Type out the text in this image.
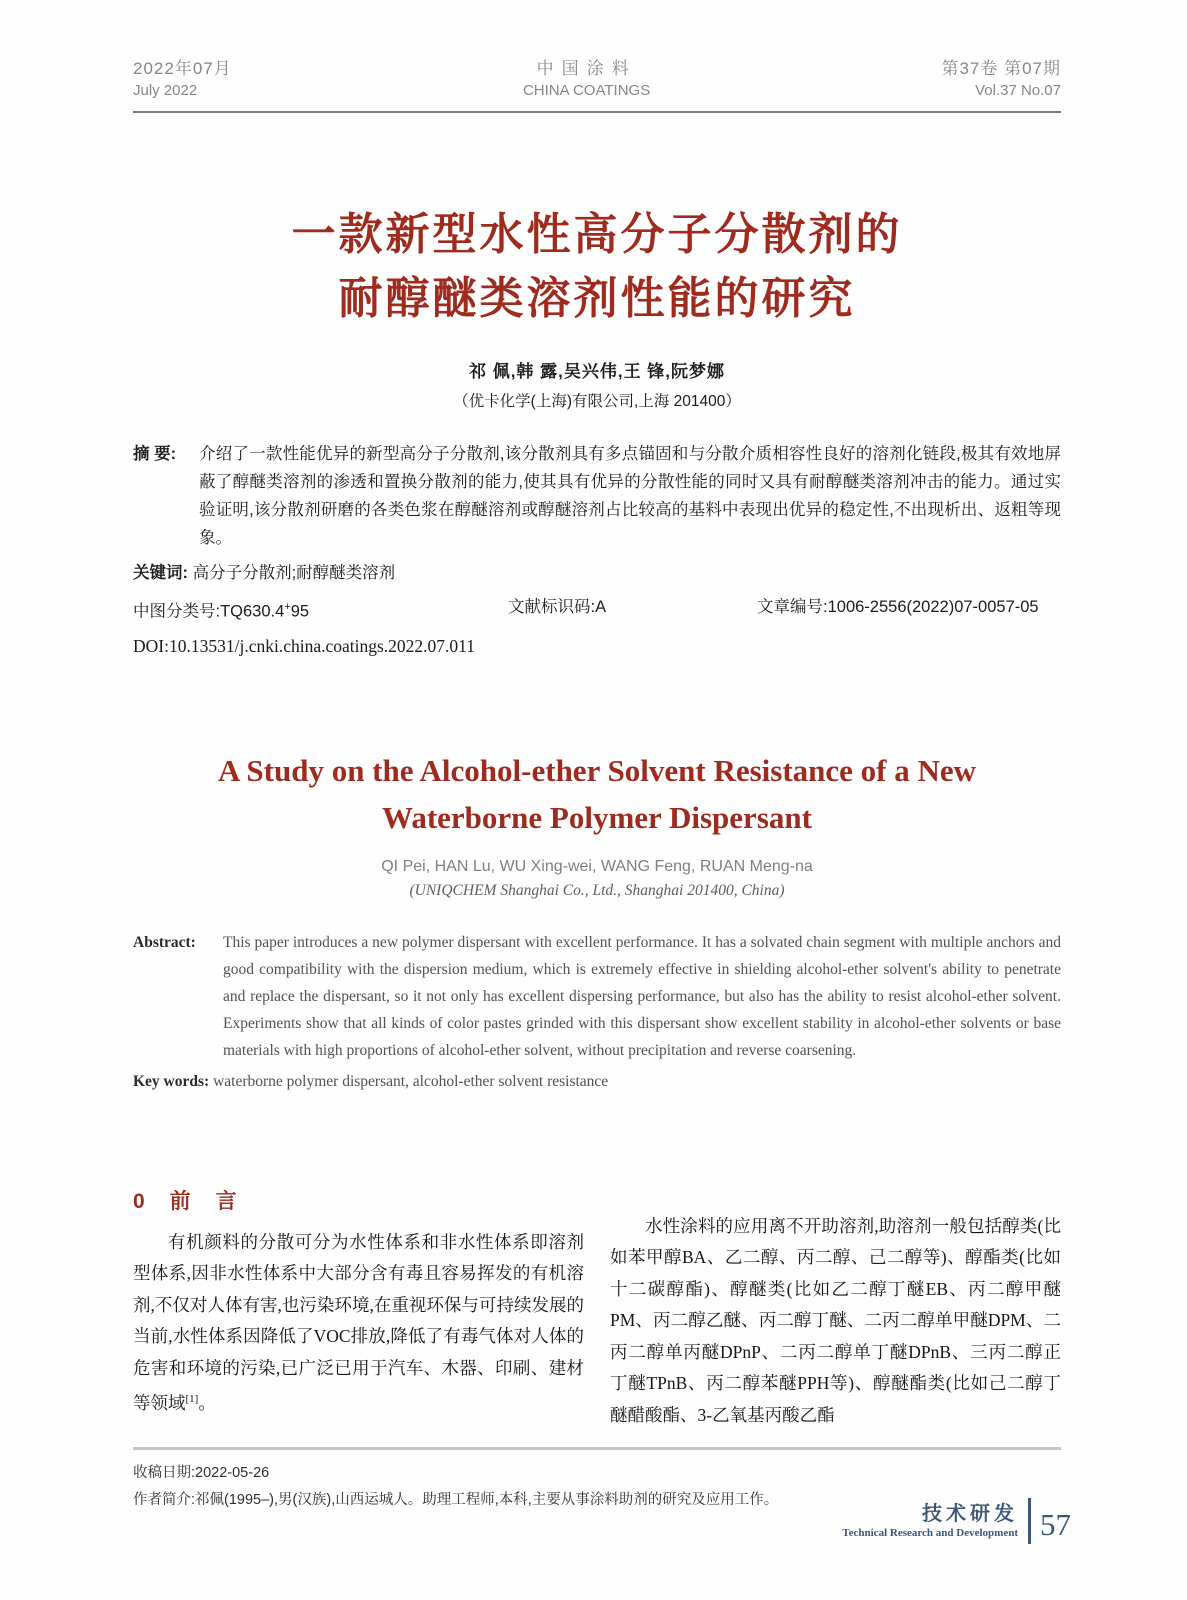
2022年07月
July 2022
中国涂料
CHINA COATINGS
第37卷 第07期
Vol.37 No.07
一款新型水性高分子分散剂的
耐醇醚类溶剂性能的研究
祁 佩,韩 露,吴兴伟,王 锋,阮梦娜
（优卡化学(上海)有限公司,上海 201400）
摘 要:	介绍了一款性能优异的新型高分子分散剂,该分散剂具有多点锚固和与分散介质相容性良好的溶剂化链段,极其有效地屏蔽了醇醚类溶剂的渗透和置换分散剂的能力,使其具有优异的分散性能的同时又具有耐醇醚类溶剂冲击的能力。通过实验证明,该分散剂研磨的各类色浆在醇醚溶剂或醇醚溶剂占比较高的基料中表现出优异的稳定性,不出现析出、返粗等现象。
关键词: 高分子分散剂;耐醇醚类溶剂
中图分类号:TQ630.4+95	文献标识码:A	文章编号:1006-2556(2022)07-0057-05
DOI:10.13531/j.cnki.china.coatings.2022.07.011
A Study on the Alcohol-ether Solvent Resistance of a New
Waterborne Polymer Dispersant
QI Pei, HAN Lu, WU Xing-wei, WANG Feng, RUAN Meng-na
(UNIQCHEM Shanghai Co., Ltd., Shanghai 201400, China)
Abstract:	This paper introduces a new polymer dispersant with excellent performance. It has a solvated chain segment with multiple anchors and good compatibility with the dispersion medium, which is extremely effective in shielding alcohol-ether solvent's ability to penetrate and replace the dispersant, so it not only has excellent dispersing performance, but also has the ability to resist alcohol-ether solvent. Experiments show that all kinds of color pastes grinded with this dispersant show excellent stability in alcohol-ether solvents or base materials with high proportions of alcohol-ether solvent, without precipitation and reverse coarsening.
Key words: waterborne polymer dispersant, alcohol-ether solvent resistance
0　前　言

有机颜料的分散可分为水性体系和非水性体系即溶剂型体系,因非水性体系中大部分含有毒且容易挥发的有机溶剂,不仅对人体有害,也污染环境,在重视环保与可持续发展的当前,水性体系因降低了VOC排放,降低了有毒气体对人体的危害和环境的污染,已广泛已用于汽车、木器、印刷、建材等领域[1]。

水性涂料的应用离不开助溶剂,助溶剂一般包括醇类(比如苯甲醇BA、乙二醇、丙二醇、己二醇等)、醇酯类(比如十二碳醇酯)、醇醚类(比如乙二醇丁醚EB、丙二醇甲醚PM、丙二醇乙醚、丙二醇丁醚、二丙二醇单甲醚DPM、二丙二醇单丙醚DPnP、二丙二醇单丁醚DPnB、三丙二醇正丁醚TPnB、丙二醇苯醚PPH等)、醇醚酯类(比如己二醇丁醚醋酸酯、3-乙氧基丙酸乙酯

收稿日期:2022-05-26
作者简介:祁佩(1995–),男(汉族),山西运城人。助理工程师,本科,主要从事涂料助剂的研究及应用工作。
技术研发
Technical Research and Development 57
